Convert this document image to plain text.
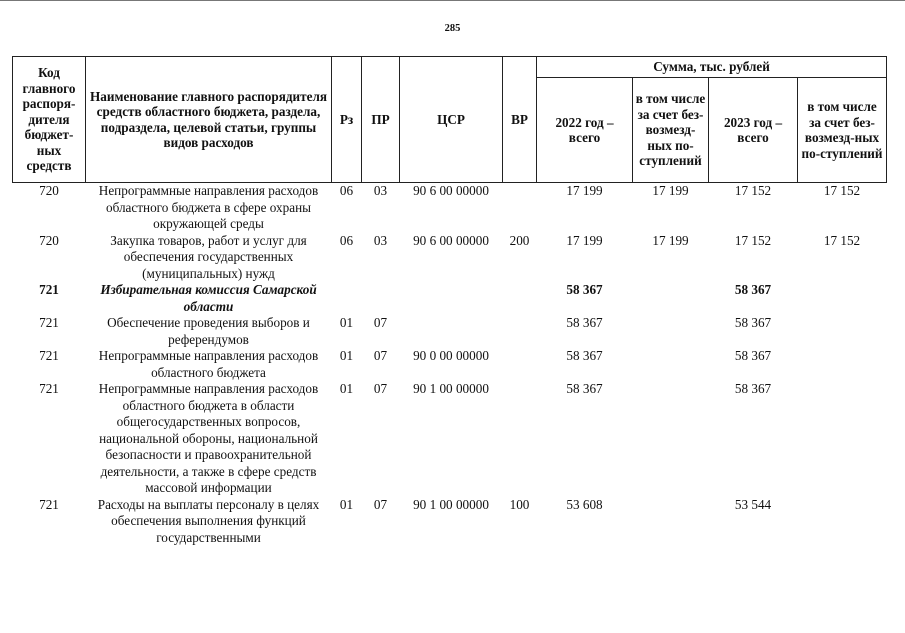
285
Код главного распоря-дителя бюджет-ных средств	Наименование главного распорядителя средств областного бюджета, раздела, подраздела, целевой статьи, группы видов расходов	Рз	ПР	ЦСР	ВР	Сумма, тыс. рублей			
						2022 год – всего	в том числе за счет без-возмезд-ных по-ступлений	2023 год – всего	в том числе за счет без-возмезд-ных по-ступлений
720	Непрограммные направления расходов областного бюджета в сфере охраны окружающей среды	06	03	90 6 00 00000		17 199	17 199	17 152	17 152
720	Закупка товаров, работ и услуг для обеспечения государственных (муниципальных) нужд	06	03	90 6 00 00000	200	17 199	17 199	17 152	17 152
721	Избирательная комиссия Самарской области					58 367		58 367	
721	Обеспечение проведения выборов и референдумов	01	07			58 367		58 367	
721	Непрограммные направления расходов областного бюджета	01	07	90 0 00 00000		58 367		58 367	
721	Непрограммные направления расходов областного бюджета в области общегосударственных вопросов, национальной обороны, национальной безопасности и правоохранительной деятельности, а также в сфере средств массовой информации	01	07	90 1 00 00000		58 367		58 367	
721	Расходы на выплаты персоналу в целях обеспечения выполнения функций государственными	01	07	90 1 00 00000	100	53 608		53 544	
